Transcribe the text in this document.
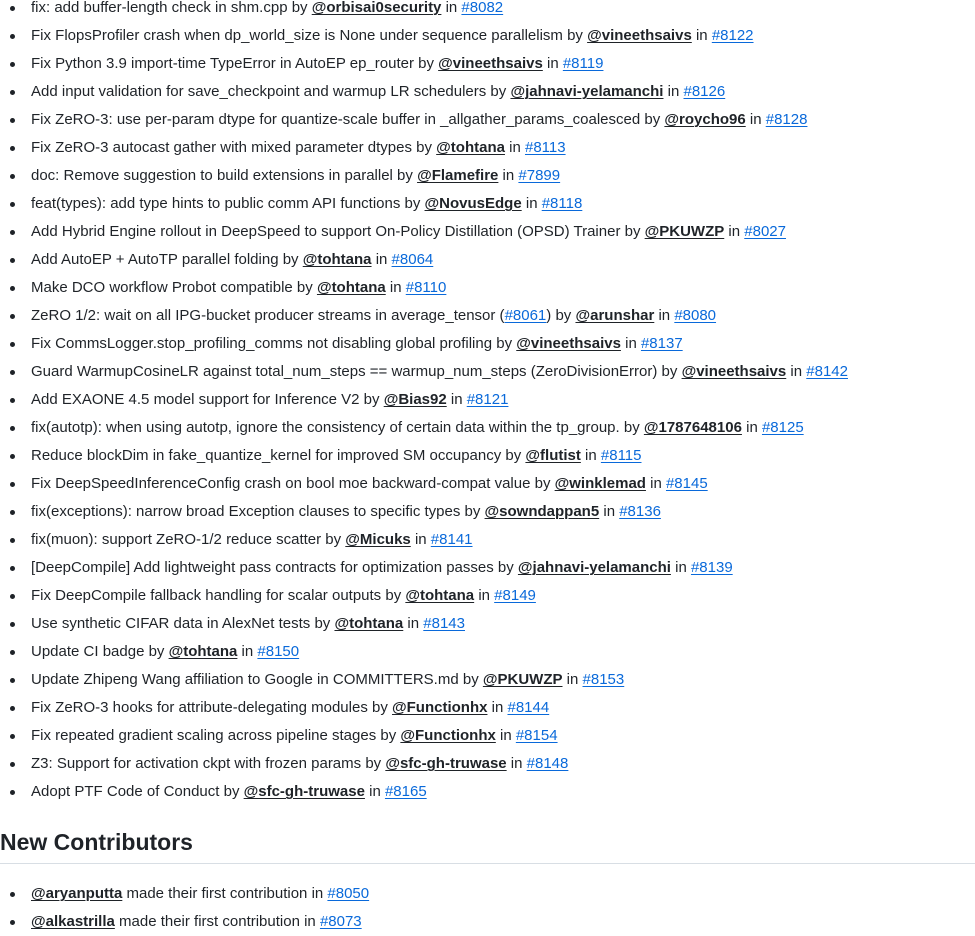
fix: add buffer-length check in shm.cpp by @orbisai0security in #8082
Fix FlopsProfiler crash when dp_world_size is None under sequence parallelism by @vineethsaivs in #8122
Fix Python 3.9 import-time TypeError in AutoEP ep_router by @vineethsaivs in #8119
Add input validation for save_checkpoint and warmup LR schedulers by @jahnavi-yelamanchi in #8126
Fix ZeRO-3: use per-param dtype for quantize-scale buffer in _allgather_params_coalesced by @roycho96 in #8128
Fix ZeRO-3 autocast gather with mixed parameter dtypes by @tohtana in #8113
doc: Remove suggestion to build extensions in parallel by @Flamefire in #7899
feat(types): add type hints to public comm API functions by @NovusEdge in #8118
Add Hybrid Engine rollout in DeepSpeed to support On-Policy Distillation (OPSD) Trainer by @PKUWZP in #8027
Add AutoEP + AutoTP parallel folding by @tohtana in #8064
Make DCO workflow Probot compatible by @tohtana in #8110
ZeRO 1/2: wait on all IPG-bucket producer streams in average_tensor (#8061) by @arunshar in #8080
Fix CommsLogger.stop_profiling_comms not disabling global profiling by @vineethsaivs in #8137
Guard WarmupCosineLR against total_num_steps == warmup_num_steps (ZeroDivisionError) by @vineethsaivs in #8142
Add EXAONE 4.5 model support for Inference V2 by @Bias92 in #8121
fix(autotp): when using autotp, ignore the consistency of certain data within the tp_group. by @1787648106 in #8125
Reduce blockDim in fake_quantize_kernel for improved SM occupancy by @flutist in #8115
Fix DeepSpeedInferenceConfig crash on bool moe backward-compat value by @winklemad in #8145
fix(exceptions): narrow broad Exception clauses to specific types by @sowndappan5 in #8136
fix(muon): support ZeRO-1/2 reduce scatter by @Micuks in #8141
[DeepCompile] Add lightweight pass contracts for optimization passes by @jahnavi-yelamanchi in #8139
Fix DeepCompile fallback handling for scalar outputs by @tohtana in #8149
Use synthetic CIFAR data in AlexNet tests by @tohtana in #8143
Update CI badge by @tohtana in #8150
Update Zhipeng Wang affiliation to Google in COMMITTERS.md by @PKUWZP in #8153
Fix ZeRO-3 hooks for attribute-delegating modules by @Functionhx in #8144
Fix repeated gradient scaling across pipeline stages by @Functionhx in #8154
Z3: Support for activation ckpt with frozen params by @sfc-gh-truwase in #8148
Adopt PTF Code of Conduct by @sfc-gh-truwase in #8165
New Contributors
@aryanputta made their first contribution in #8050
@alkastrilla made their first contribution in #8073
